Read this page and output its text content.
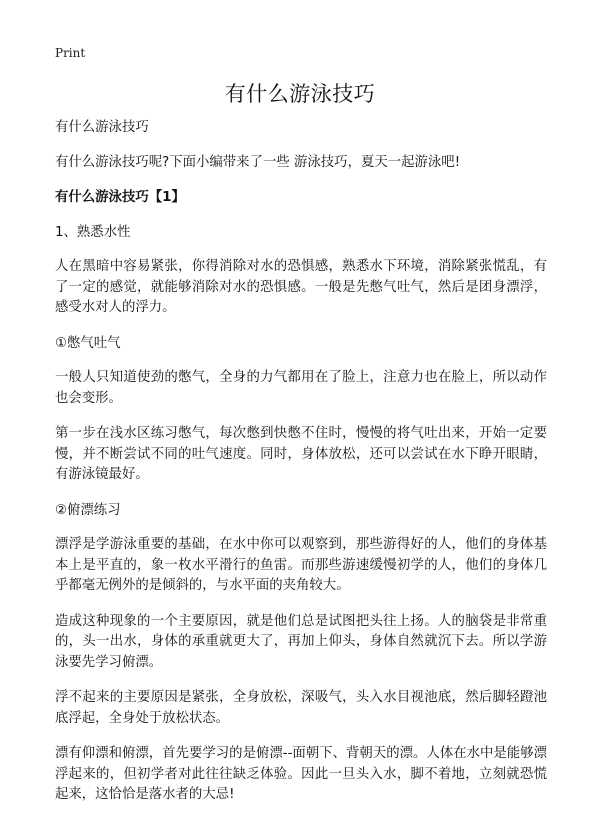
Print
有什么游泳技巧

有什么游泳技巧

有什么游泳技巧呢?下面小编带来了一些 游泳技巧，夏天一起游泳吧!

有什么游泳技巧【1】

1、熟悉水性

人在黑暗中容易紧张，你得消除对水的恐惧感，熟悉水下环境，消除紧张慌乱，有了一定的感觉，就能够消除对水的恐惧感。一般是先憋气吐气，然后是团身漂浮，感受水对人的浮力。

①憋气吐气

一般人只知道使劲的憋气，全身的力气都用在了脸上，注意力也在脸上，所以动作也会变形。

第一步在浅水区练习憋气，每次憋到快憋不住时，慢慢的将气吐出来，开始一定要慢，并不断尝试不同的吐气速度。同时，身体放松，还可以尝试在水下睁开眼睛，有游泳镜最好。

②俯漂练习

漂浮是学游泳重要的基础，在水中你可以观察到，那些游得好的人，他们的身体基本上是平直的，象一枚水平滑行的鱼雷。而那些游速缓慢初学的人，他们的身体几乎都毫无例外的是倾斜的，与水平面的夹角较大。

造成这种现象的一个主要原因，就是他们总是试图把头往上扬。人的脑袋是非常重的，头一出水，身体的承重就更大了，再加上仰头，身体自然就沉下去。所以学游泳要先学习俯漂。

浮不起来的主要原因是紧张，全身放松，深吸气，头入水目视池底，然后脚轻蹬池底浮起，全身处于放松状态。

漂有仰漂和俯漂，首先要学习的是俯漂--面朝下、背朝天的漂。人体在水中是能够漂浮起来的，但初学者对此往往缺乏体验。因此一旦头入水，脚不着地，立刻就恐慌起来，这恰恰是落水者的大忌!
